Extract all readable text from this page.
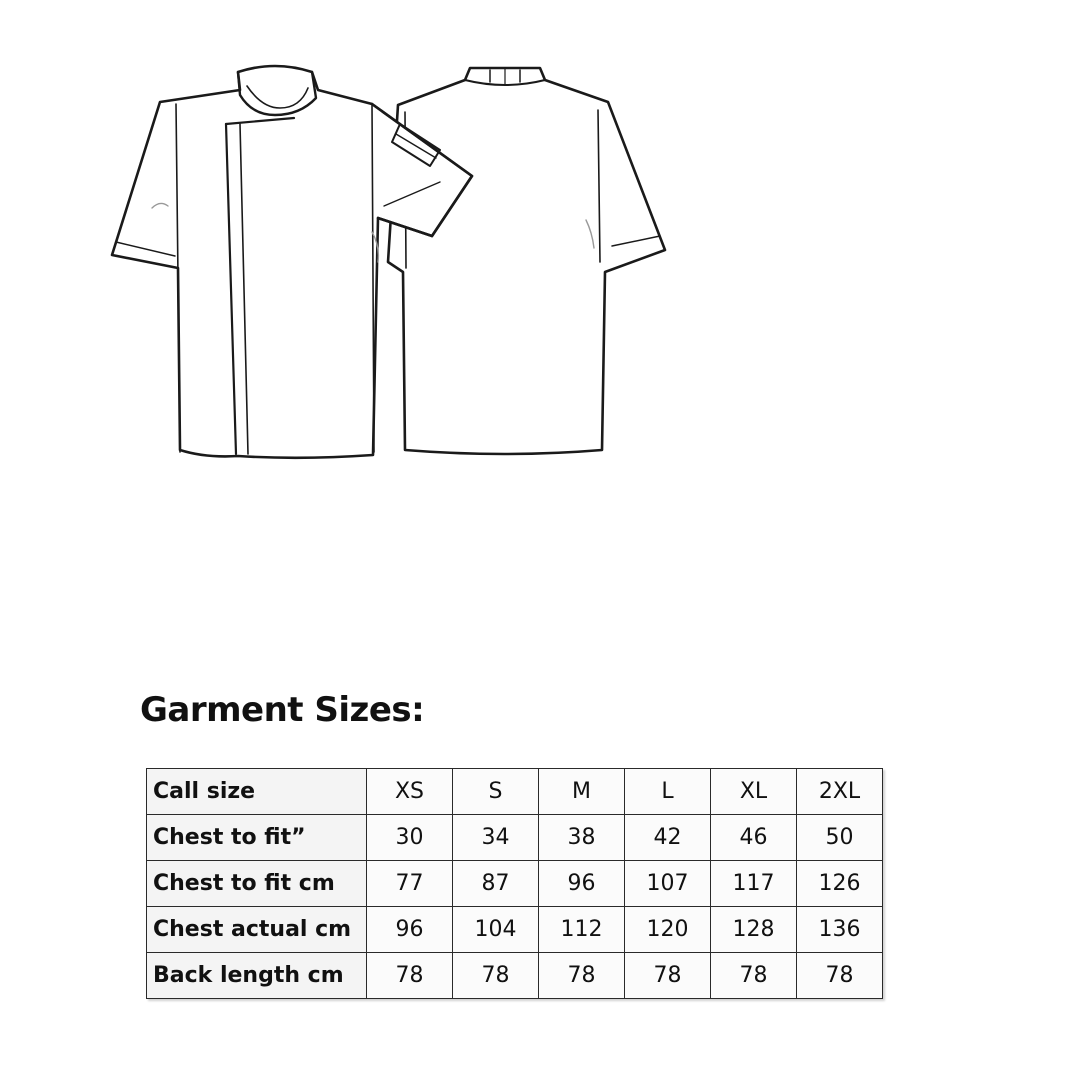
Garment Sizes:
Call size	XS	S	M	L	XL	2XL
Chest to fit”	30	34	38	42	46	50
Chest to fit cm	77	87	96	107	117	126
Chest actual cm	96	104	112	120	128	136
Back length cm	78	78	78	78	78	78
